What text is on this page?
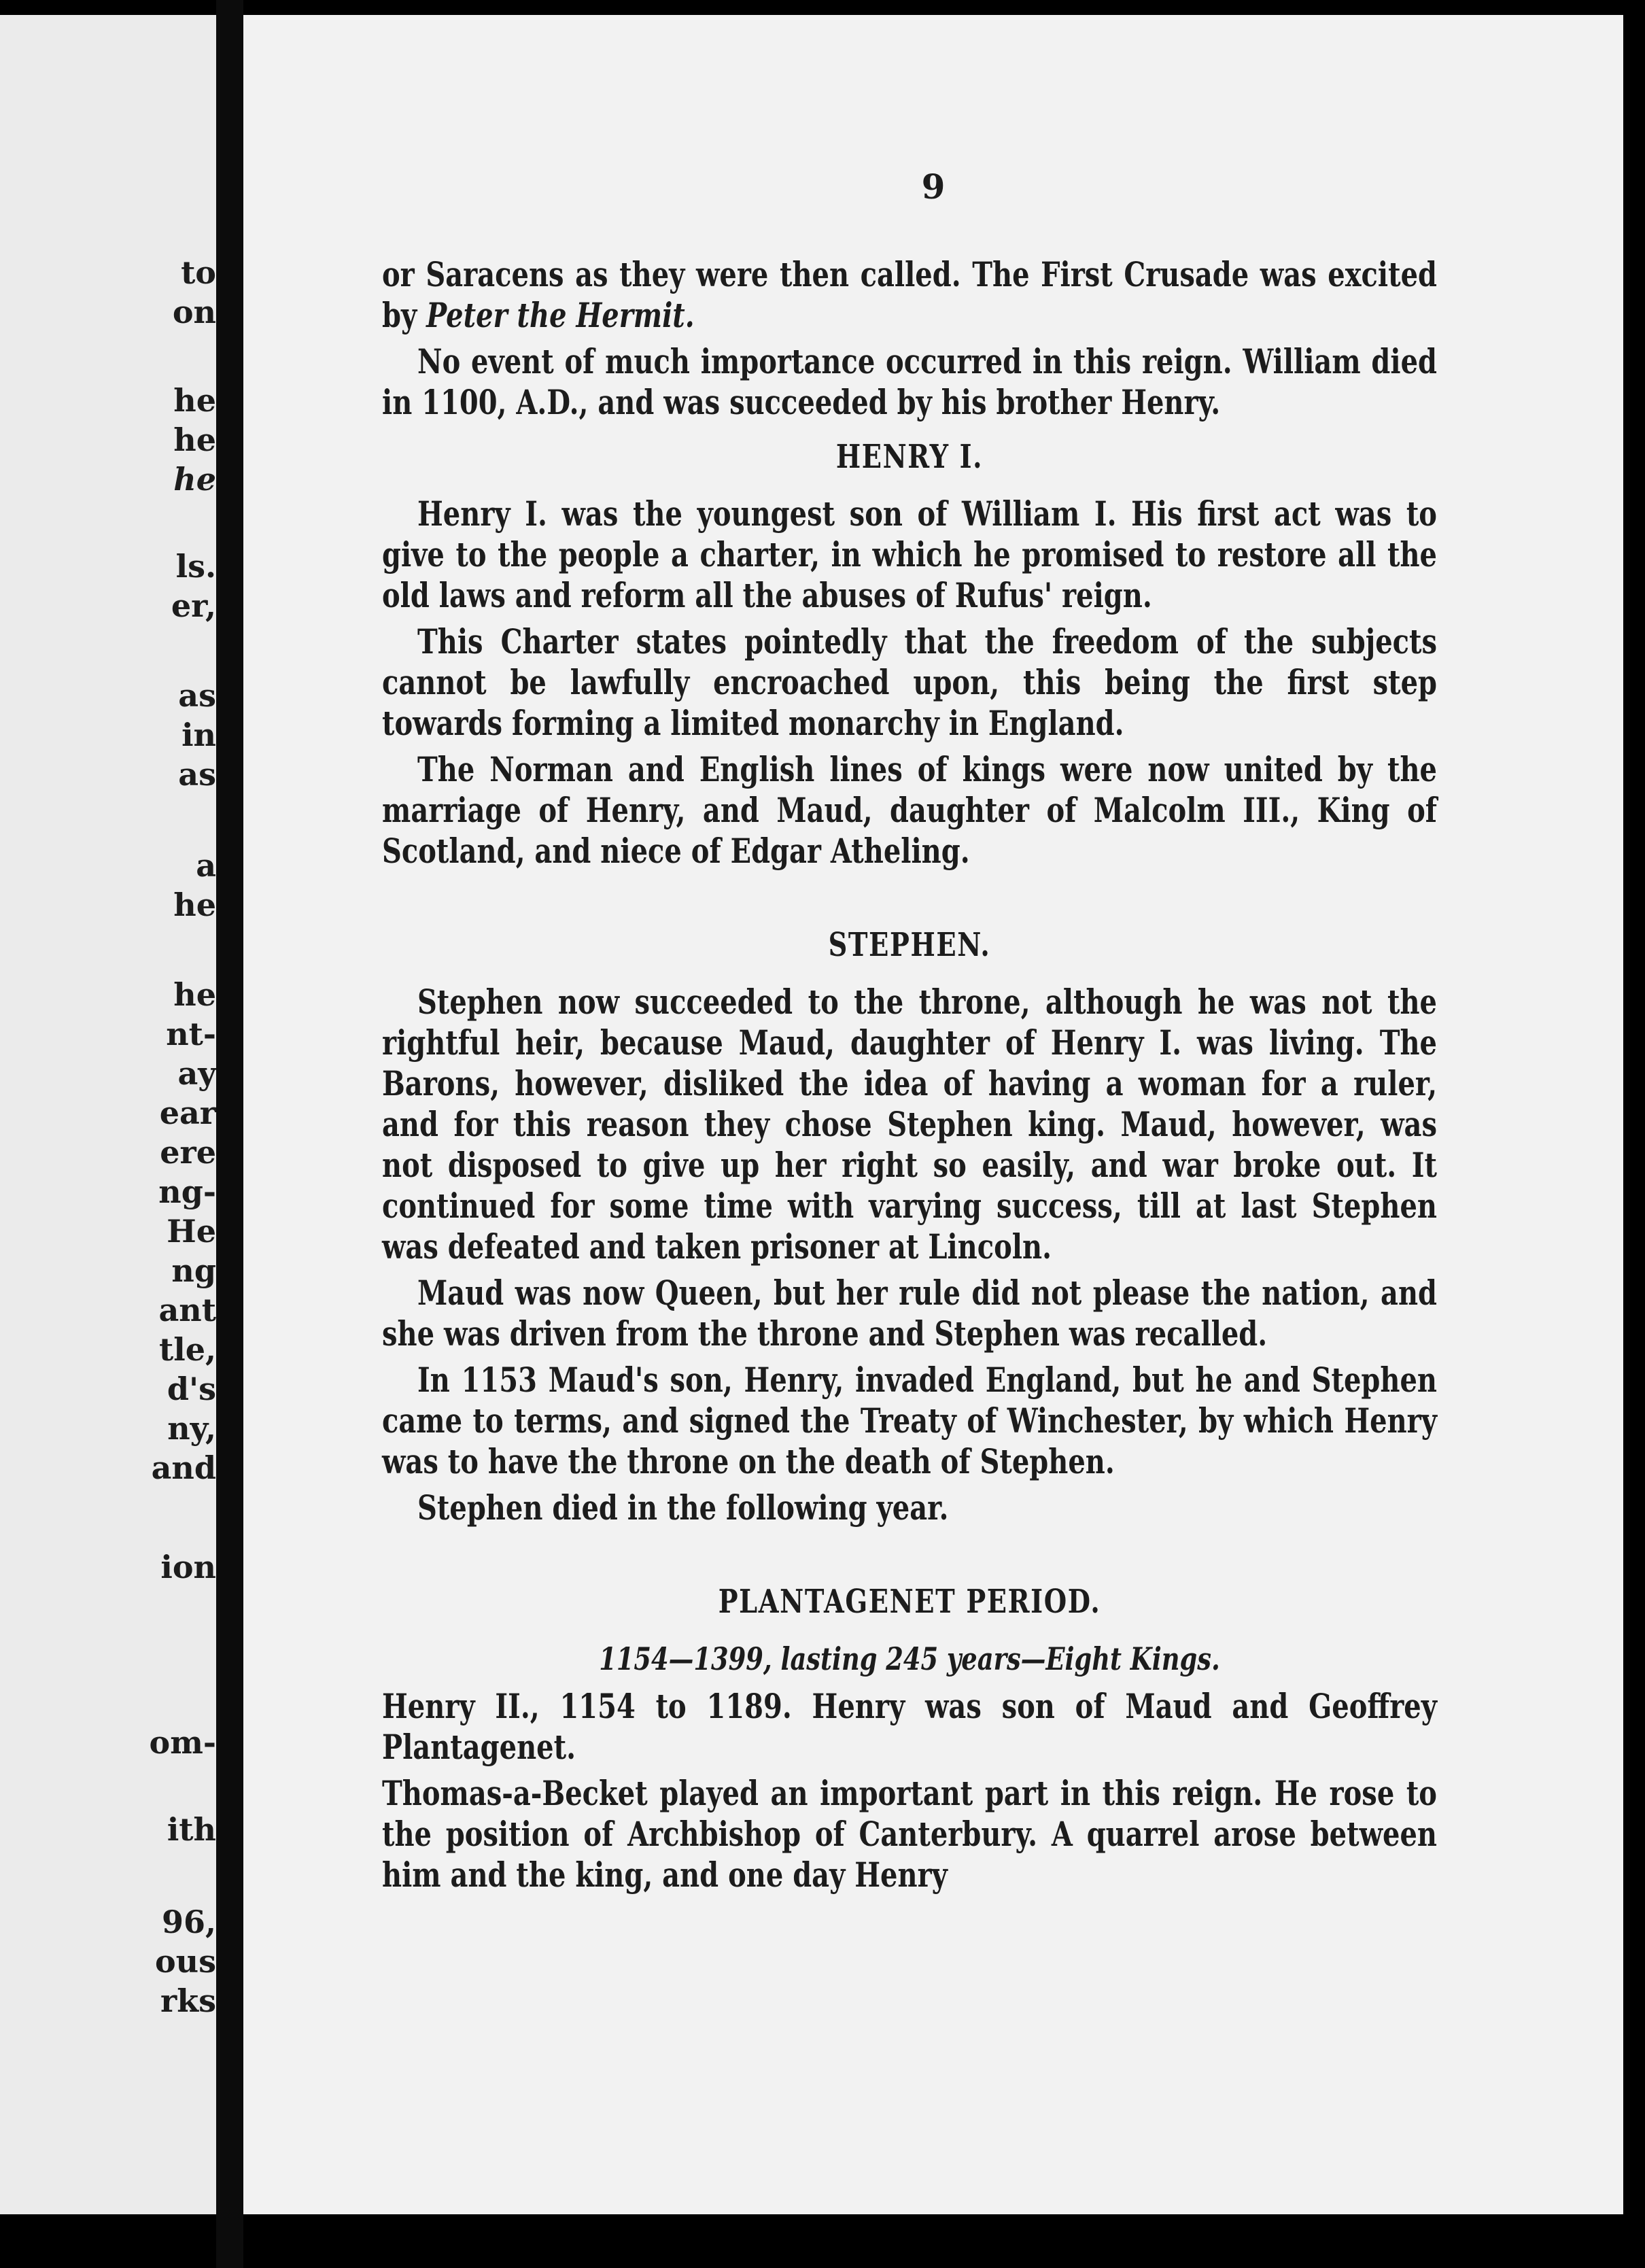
to
on
he
he
he
ls.
er,
as
in
as
a
he
he
nt-
ay
ear
ere
ng-
He
ng
ant
tle,
d's
ny,
and
ion
om-
ith
96,
ous
rks
9

or Saracens as they were then called. The First Crusade was excited by Peter the Hermit.

No event of much importance occurred in this reign. William died in 1100, A.D., and was succeeded by his brother Henry.

HENRY I.

Henry I. was the youngest son of William I. His first act was to give to the people a charter, in which he promised to restore all the old laws and reform all the abuses of Rufus' reign.

This Charter states pointedly that the freedom of the subjects cannot be lawfully encroached upon, this being the first step towards forming a limited monarchy in England.

The Norman and English lines of kings were now united by the marriage of Henry, and Maud, daughter of Malcolm III., King of Scotland, and niece of Edgar Atheling.

STEPHEN.

Stephen now succeeded to the throne, although he was not the rightful heir, because Maud, daughter of Henry I. was living. The Barons, however, disliked the idea of having a woman for a ruler, and for this reason they chose Stephen king. Maud, however, was not disposed to give up her right so easily, and war broke out. It continued for some time with varying success, till at last Stephen was defeated and taken prisoner at Lincoln.

Maud was now Queen, but her rule did not please the nation, and she was driven from the throne and Stephen was recalled.

In 1153 Maud's son, Henry, invaded England, but he and Stephen came to terms, and signed the Treaty of Winchester, by which Henry was to have the throne on the death of Stephen.

Stephen died in the following year.

PLANTAGENET PERIOD.
1154—1399, lasting 245 years—Eight Kings.

Henry II., 1154 to 1189. Henry was son of Maud and Geoffrey Plantagenet.

Thomas-a-Becket played an important part in this reign. He rose to the position of Archbishop of Canterbury. A quarrel arose between him and the king, and one day Henry
